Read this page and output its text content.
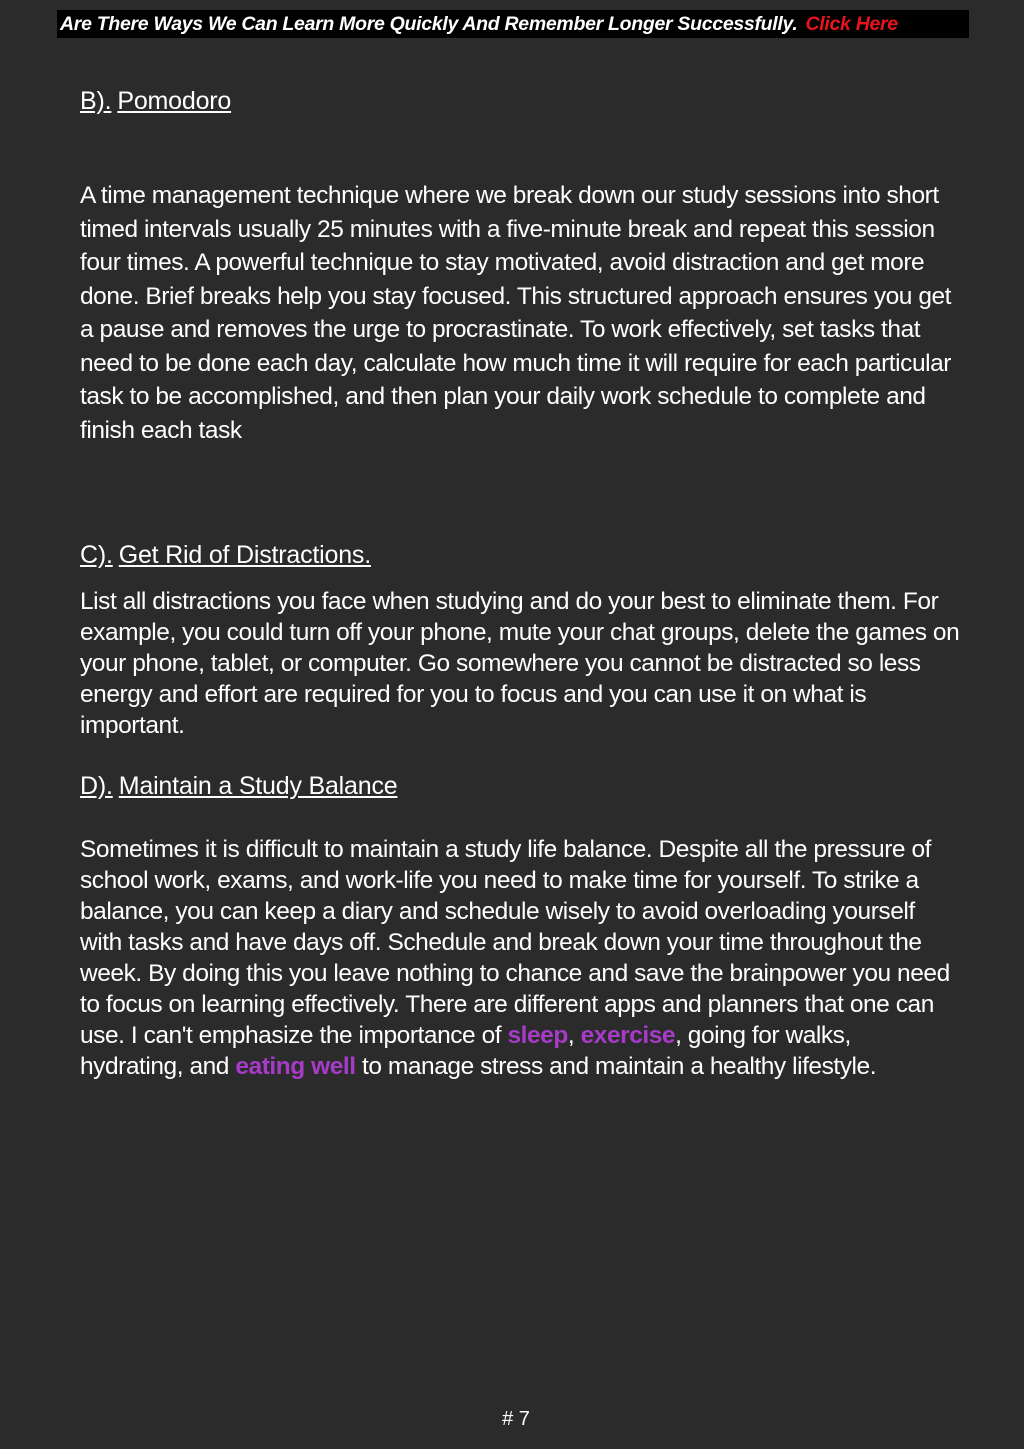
Are There Ways We Can Learn More Quickly And Remember Longer Successfully. Click Here
B). Pomodoro

A time management technique where we break down our study sessions into short timed intervals usually 25 minutes with a five-minute break and repeat this session four times. A powerful technique to stay motivated, avoid distraction and get more done. Brief breaks help you stay focused. This structured approach ensures you get a pause and removes the urge to procrastinate. To work effectively, set tasks that need to be done each day, calculate how much time it will require for each particular task to be accomplished, and then plan your daily work schedule to complete and finish each task

C). Get Rid of Distractions.

List all distractions you face when studying and do your best to eliminate them. For example, you could turn off your phone, mute your chat groups, delete the games on your phone, tablet, or computer. Go somewhere you cannot be distracted so less energy and effort are required for you to focus and you can use it on what is important.

D). Maintain a Study Balance

Sometimes it is difficult to maintain a study life balance. Despite all the pressure of school work, exams, and work-life you need to make time for yourself. To strike a balance, you can keep a diary and schedule wisely to avoid overloading yourself with tasks and have days off. Schedule and break down your time throughout the week. By doing this you leave nothing to chance and save the brainpower you need to focus on learning effectively. There are different apps and planners that one can use. I can't emphasize the importance of sleep, exercise, going for walks, hydrating, and eating well to manage stress and maintain a healthy lifestyle.

# 7
